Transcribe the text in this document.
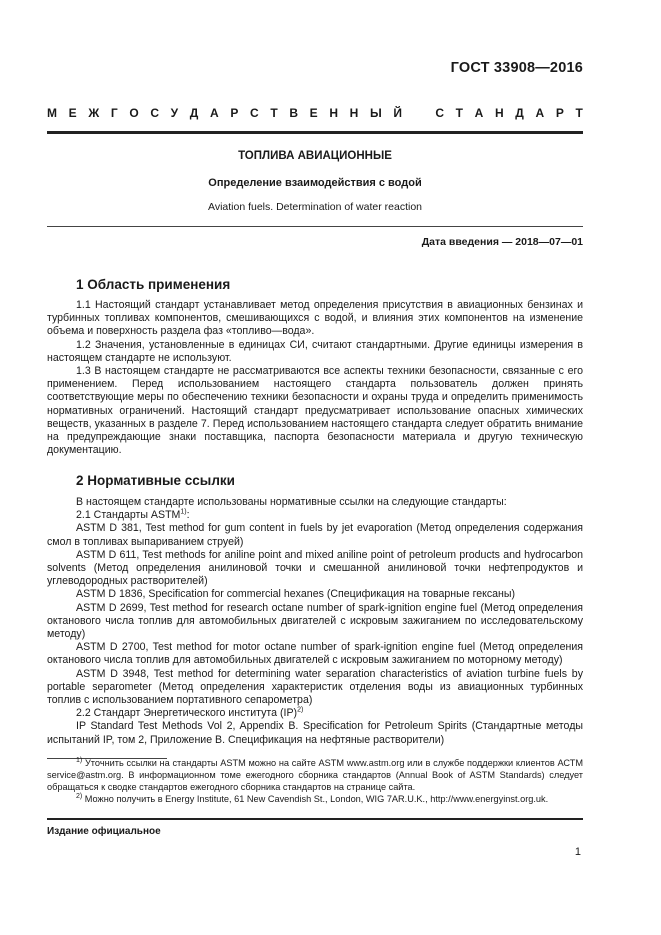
ГОСТ 33908—2016
М Е Ж Г О С У Д А Р С Т В Е Н Н Ы Й	С Т А Н Д А Р Т
ТОПЛИВА АВИАЦИОННЫЕ
Определение взаимодействия с водой
Aviation fuels. Determination of water reaction
Дата введения — 2018—07—01
1 Область применения

1.1 Настоящий стандарт устанавливает метод определения присутствия в авиационных бензинах и турбинных топливах компонентов, смешивающихся с водой, и влияния этих компонентов на изменение объема и поверхность раздела фаз «топливо—вода».

1.2 Значения, установленные в единицах СИ, считают стандартными. Другие единицы измерения в настоящем стандарте не используют.

1.3 В настоящем стандарте не рассматриваются все аспекты техники безопасности, связанные с его применением. Перед использованием настоящего стандарта пользователь должен принять соответствующие меры по обеспечению техники безопасности и охраны труда и определить применимость нормативных ограничений. Настоящий стандарт предусматривает использование опасных химических веществ, указанных в разделе 7. Перед использованием настоящего стандарта следует обратить внимание на предупреждающие знаки поставщика, паспорта безопасности материала и другую техническую документацию.

2 Нормативные ссылки

В настоящем стандарте использованы нормативные ссылки на следующие стандарты:

2.1 Стандарты ASTM$^{1)}$:

ASTM D 381, Test method for gum content in fuels by jet evaporation (Метод определения содержания смол в топливах выпариванием струей)

ASTM D 611, Test methods for aniline point and mixed aniline point of petroleum products and hydrocarbon solvents (Метод определения анилиновой точки и смешанной анилиновой точки нефтепродуктов и углеводородных растворителей)

ASTM D 1836, Specification for commercial hexanes (Спецификация на товарные гексаны)

ASTM D 2699, Test method for research octane number of spark-ignition engine fuel (Метод определения октанового числа топлив для автомобильных двигателей с искровым зажиганием по исследовательскому методу)

ASTM D 2700, Test method for motor octane number of spark-ignition engine fuel (Метод определения октанового числа топлив для автомобильных двигателей с искровым зажиганием по моторному методу)

ASTM D 3948, Test method for determining water separation characteristics of aviation turbine fuels by portable separometer (Метод определения характеристик отделения воды из авиационных турбинных топлив с использованием портативного сепарометра)

2.2 Стандарт Энергетического института (IP)$^{2)}$

IP Standard Test Methods Vol 2, Appendix B. Specification for Petroleum Spirits (Стандартные методы испытаний IP, том 2, Приложение B. Спецификация на нефтяные растворители)

$^{1)}$ Уточнить ссылки на стандарты ASTM можно на сайте ASTM www.astm.org или в службе поддержки клиентов АСТМ service@astm.org. В информационном томе ежегодного сборника стандартов (Annual Book of ASTM Standards) следует обращаться к сводке стандартов ежегодного сборника стандартов на странице сайта.

$^{2)}$ Можно получить в Energy Institute, 61 New Cavendish St., London, WIG 7AR.U.K., http://www.energyinst.org.uk.

Издание официальное
1
